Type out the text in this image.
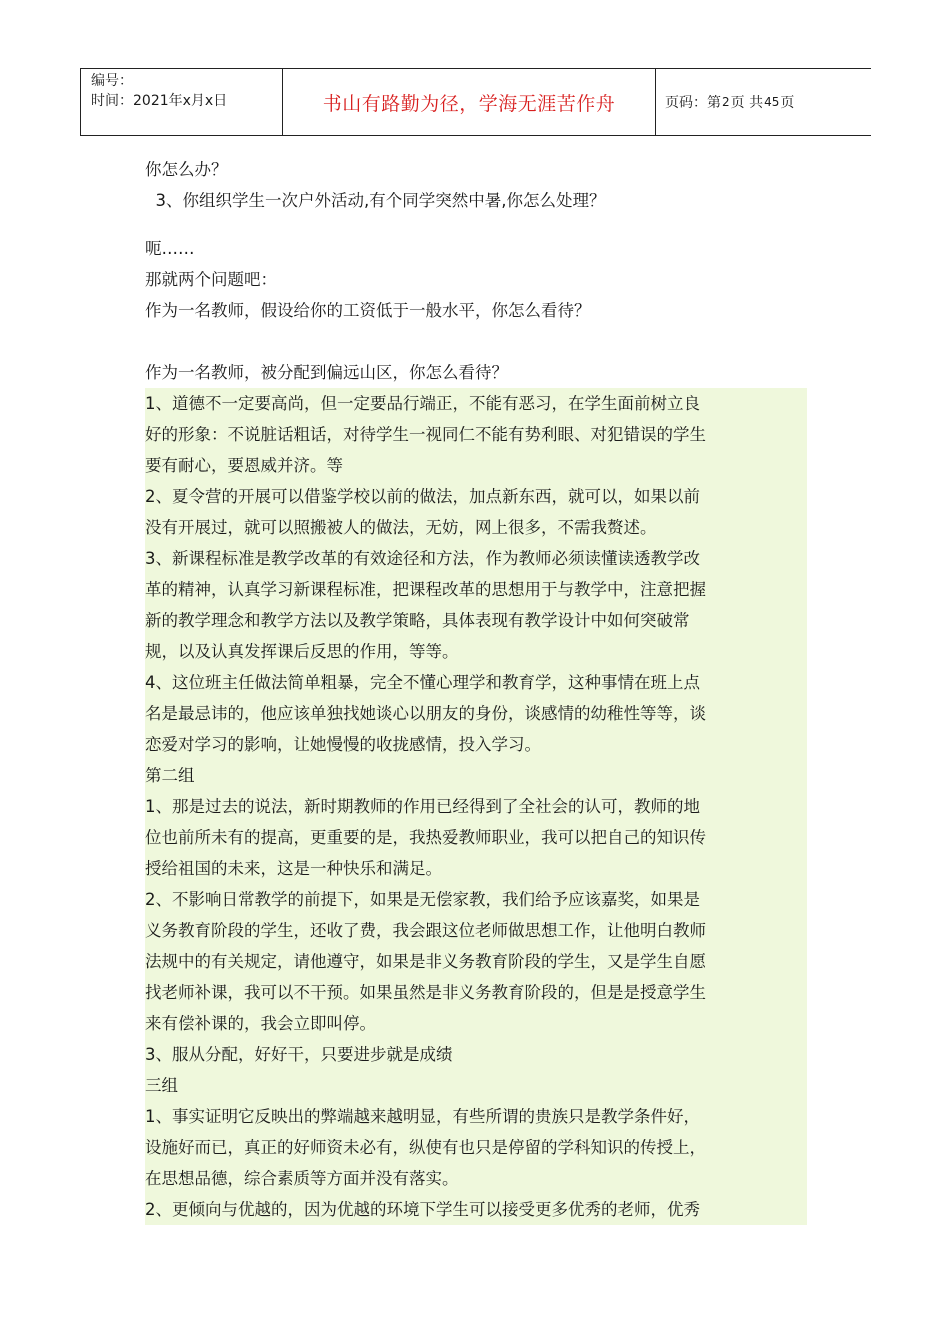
编号：
时间：2021年x月x日	书山有路勤为径，学海无涯苦作舟	页码：第 2 页 共 45 页
你怎么办？
3、你组织学生一次户外活动,有个同学突然中暑,你怎么处理？
呃……
那就两个问题吧：
作为一名教师，假设给你的工资低于一般水平，你怎么看待？
作为一名教师，被分配到偏远山区，你怎么看待？
1、道德不一定要高尚，但一定要品行端正，不能有恶习，在学生面前树立良
好的形象：不说脏话粗话，对待学生一视同仁不能有势利眼、对犯错误的学生
要有耐心，要恩威并济。等
2、夏令营的开展可以借鉴学校以前的做法，加点新东西，就可以，如果以前
没有开展过，就可以照搬被人的做法，无妨，网上很多，不需我赘述。
3、新课程标准是教学改革的有效途径和方法，作为教师必须读懂读透教学改
革的精神，认真学习新课程标准，把课程改革的思想用于与教学中，注意把握
新的教学理念和教学方法以及教学策略，具体表现有教学设计中如何突破常
规，以及认真发挥课后反思的作用，等等。
4、这位班主任做法简单粗暴，完全不懂心理学和教育学，这种事情在班上点
名是最忌讳的，他应该单独找她谈心以朋友的身份，谈感情的幼稚性等等，谈
恋爱对学习的影响，让她慢慢的收拢感情，投入学习。
第二组
1、那是过去的说法，新时期教师的作用已经得到了全社会的认可，教师的地
位也前所未有的提高，更重要的是，我热爱教师职业，我可以把自己的知识传
授给祖国的未来，这是一种快乐和满足。
2、不影响日常教学的前提下，如果是无偿家教，我们给予应该嘉奖，如果是
义务教育阶段的学生，还收了费，我会跟这位老师做思想工作，让他明白教师
法规中的有关规定，请他遵守，如果是非义务教育阶段的学生，又是学生自愿
找老师补课，我可以不干预。如果虽然是非义务教育阶段的，但是是授意学生
来有偿补课的，我会立即叫停。
3、服从分配，好好干，只要进步就是成绩
三组
1、事实证明它反映出的弊端越来越明显，有些所谓的贵族只是教学条件好，
设施好而已，真正的好师资未必有，纵使有也只是停留的学科知识的传授上，
在思想品德，综合素质等方面并没有落实。
2、更倾向与优越的，因为优越的环境下学生可以接受更多优秀的老师，优秀
